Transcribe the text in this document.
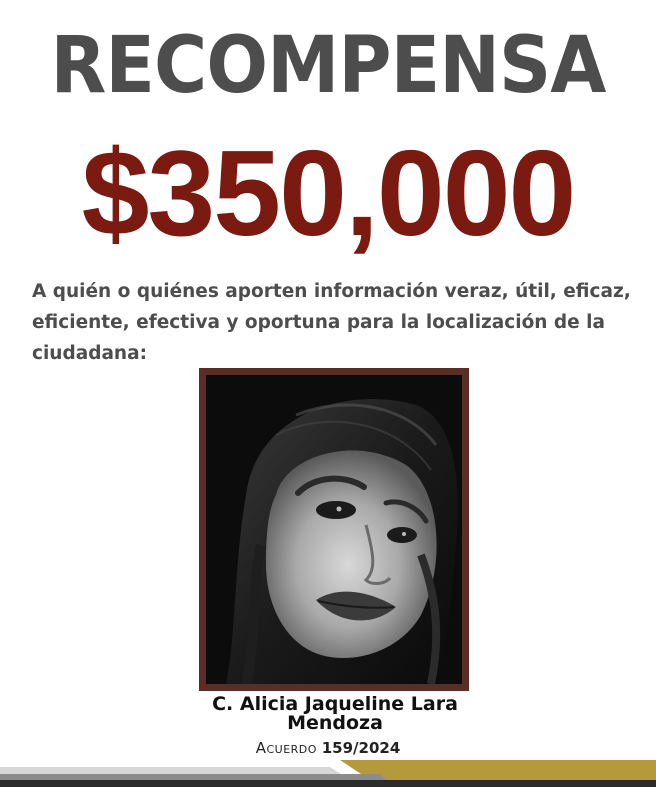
RECOMPENSA
$350,000

A quién o quiénes aporten información veraz, útil, eficaz, eficiente, efectiva y oportuna para la localización de la ciudadana:

C. Alicia Jaqueline Lara
Mendoza

Acuerdo 159/2024
